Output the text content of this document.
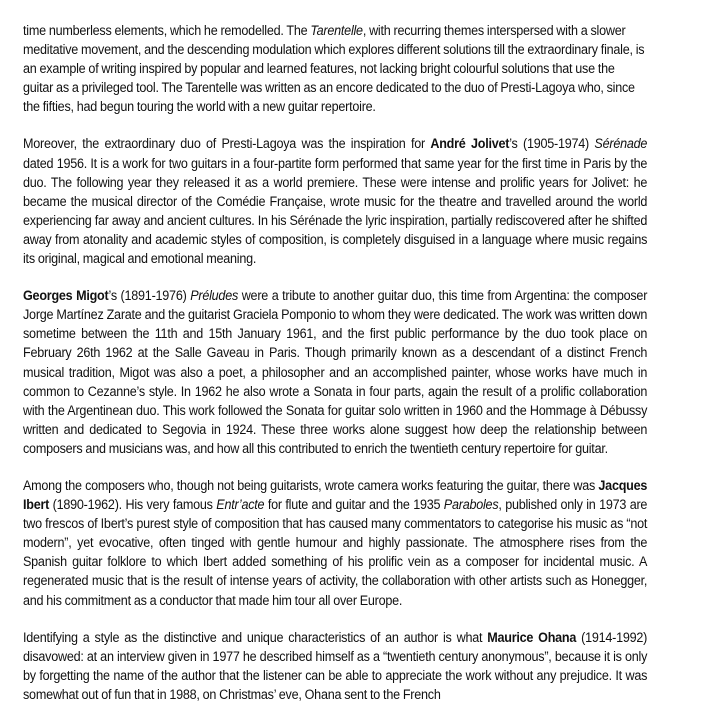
time numberless elements, which he remodelled. The Tarentelle, with recurring themes interspersed with a slower meditative movement, and the descending modulation which explores different solutions till the extraordinary finale, is an example of writing inspired by popular and learned features, not lacking bright colourful solutions that use the guitar as a privileged tool. The Tarentelle was written as an encore dedicated to the duo of Presti-Lagoya who, since the fifties, had begun touring the world with a new guitar repertoire.

Moreover, the extraordinary duo of Presti-Lagoya was the inspiration for André Jolivet’s (1905-1974) Sérénade dated 1956. It is a work for two guitars in a four-partite form performed that same year for the first time in Paris by the duo. The following year they released it as a world premiere. These were intense and prolific years for Jolivet: he became the musical director of the Comédie Française, wrote music for the theatre and travelled around the world experiencing far away and ancient cultures. In his Sérénade the lyric inspiration, partially rediscovered after he shifted away from atonality and academic styles of composition, is completely disguised in a language where music regains its original, magical and emotional meaning.

Georges Migot’s (1891-1976) Préludes were a tribute to another guitar duo, this time from Argentina: the composer Jorge Martínez Zarate and the guitarist Graciela Pomponio to whom they were dedicated. The work was written down sometime between the 11th and 15th January 1961, and the first public performance by the duo took place on February 26th 1962 at the Salle Gaveau in Paris. Though primarily known as a descendant of a distinct French musical tradition, Migot was also a poet, a philosopher and an accomplished painter, whose works have much in common to Cezanne’s style. In 1962 he also wrote a Sonata in four parts, again the result of a prolific collaboration with the Argentinean duo. This work followed the Sonata for guitar solo written in 1960 and the Hommage à Débussy written and dedicated to Segovia in 1924. These three works alone suggest how deep the relationship between composers and musicians was, and how all this contributed to enrich the twentieth century repertoire for guitar.

Among the composers who, though not being guitarists, wrote camera works featuring the guitar, there was Jacques Ibert (1890-1962). His very famous Entr’acte for flute and guitar and the 1935 Paraboles, published only in 1973 are two frescos of Ibert’s purest style of composition that has caused many commentators to categorise his music as “not modern”, yet evocative, often tinged with gentle humour and highly passionate. The atmosphere rises from the Spanish guitar folklore to which Ibert added something of his prolific vein as a composer for incidental music. A regenerated music that is the result of intense years of activity, the collaboration with other artists such as Honegger, and his commitment as a conductor that made him tour all over Europe.

Identifying a style as the distinctive and unique characteristics of an author is what Maurice Ohana (1914-1992) disavowed: at an interview given in 1977 he described himself as a “twentieth century anonymous”, because it is only by forgetting the name of the author that the listener can be able to appreciate the work without any prejudice. It was somewhat out of fun that in 1988, on Christmas’ eve, Ohana sent to the French
